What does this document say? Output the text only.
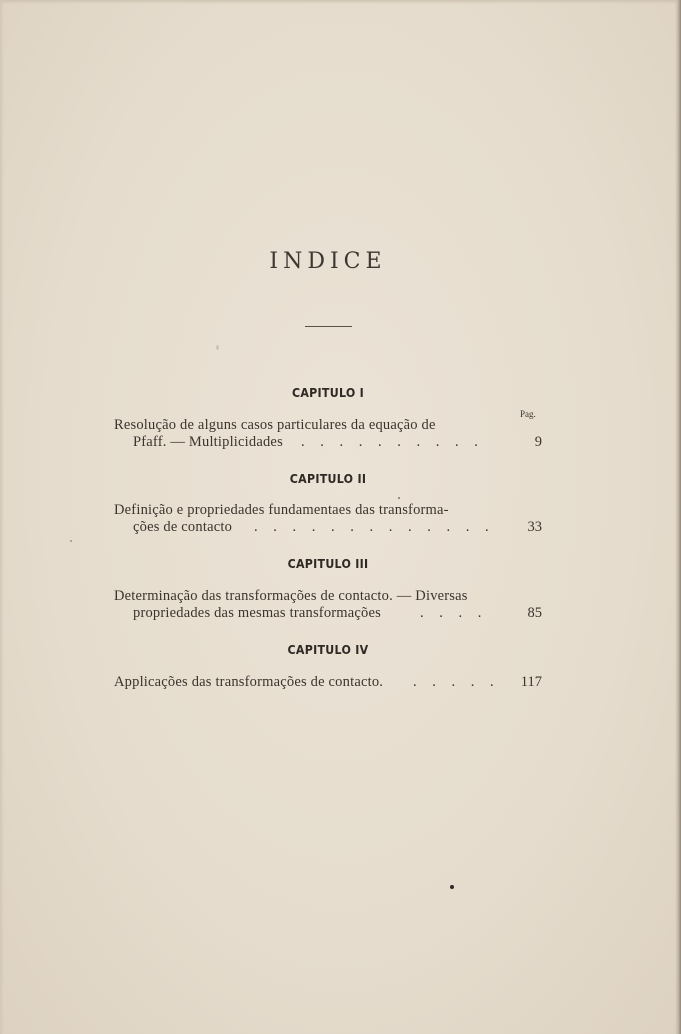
INDICE
CAPITULO I
Pag.
Resolução de alguns casos particulares da equação de
Pfaff. — Multiplicidades . . . . . . . . . .	9
CAPITULO II
Definição e propriedades fundamentaes das transforma-
ções de contacto . . . . . . . . . . . . .	33
CAPITULO III
Determinação das transformações de contacto. — Diversas
propriedades das mesmas transformações	. . . .	85
CAPITULO IV
Applicações das transformações de contacto. . . . . .	117
